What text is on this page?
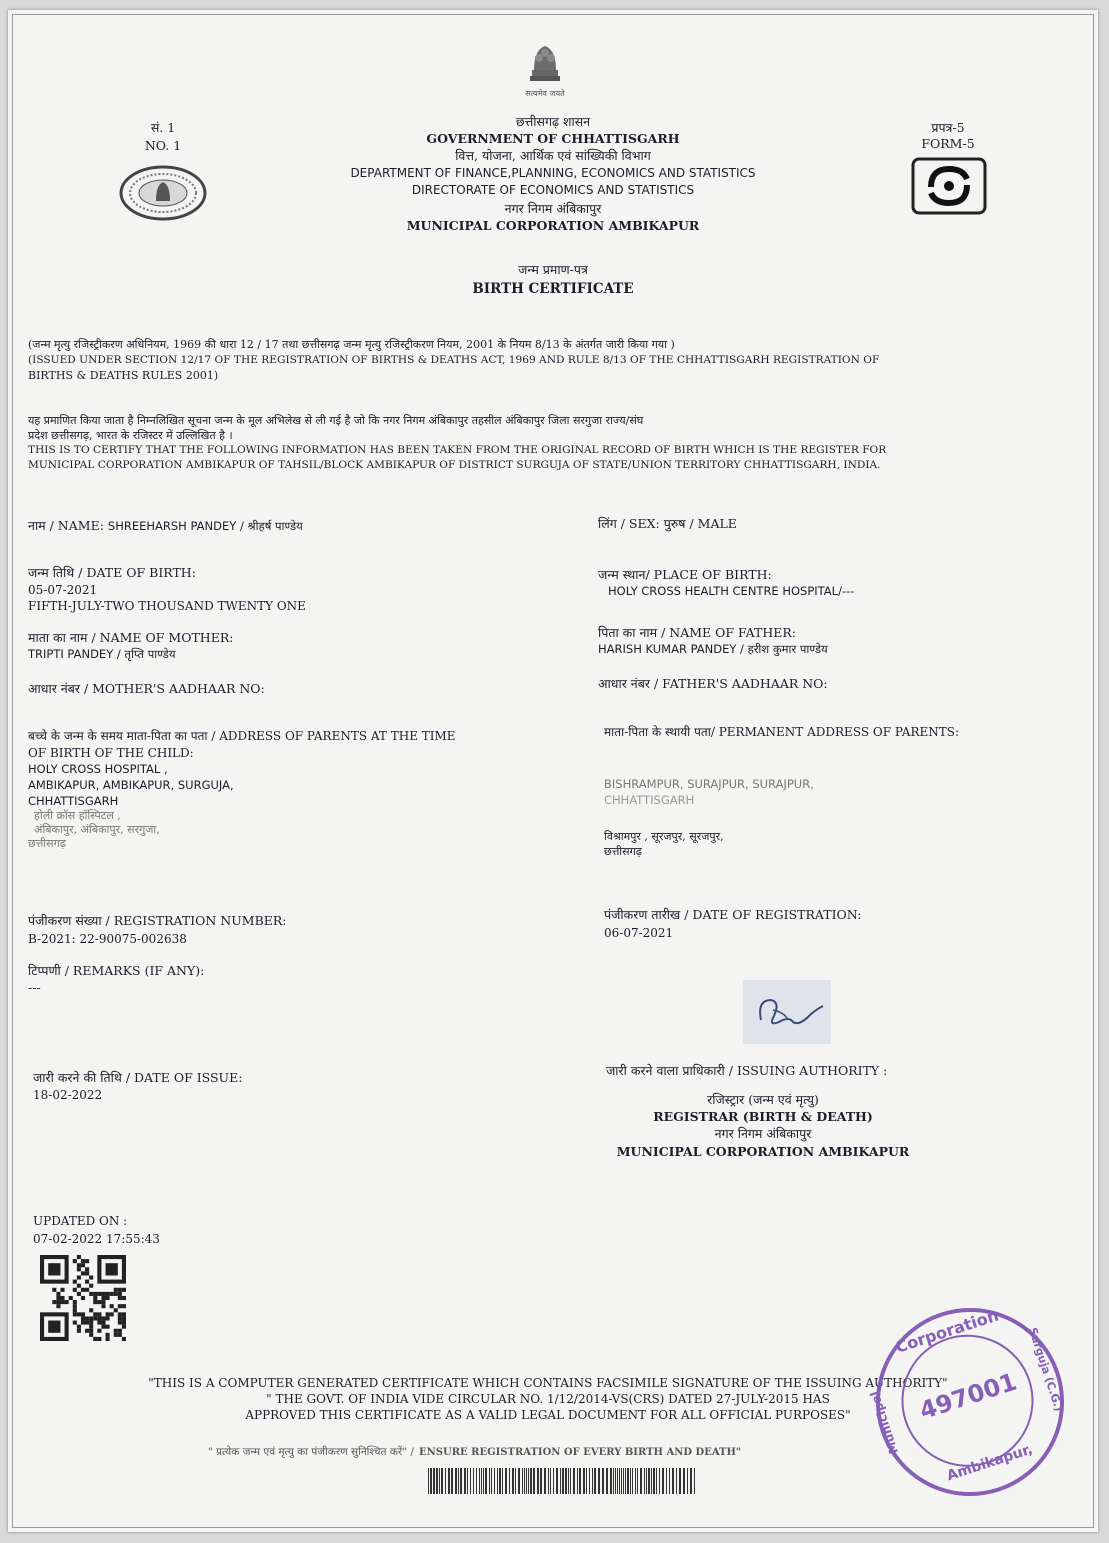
सत्यमेव जयते
सं. 1
NO. 1
प्रपत्र-5
FORM-5
छत्तीसगढ़ शासन
GOVERNMENT OF CHHATTISGARH
वित्त, योजना, आर्थिक एवं सांख्यिकी विभाग
DEPARTMENT OF FINANCE,PLANNING, ECONOMICS AND STATISTICS
DIRECTORATE OF ECONOMICS AND STATISTICS
नगर निगम अंबिकापुर
MUNICIPAL CORPORATION AMBIKAPUR
जन्म प्रमाण-पत्र
BIRTH CERTIFICATE
(जन्म मृत्यु रजिस्ट्रीकरण अधिनियम, 1969 की धारा 12 / 17 तथा छत्तीसगढ़ जन्म मृत्यु रजिस्ट्रीकरण नियम, 2001 के नियम 8/13 के अंतर्गत जारी किया गया )
(ISSUED UNDER SECTION 12/17 OF THE REGISTRATION OF BIRTHS & DEATHS ACT, 1969 AND RULE 8/13 OF THE CHHATTISGARH REGISTRATION OF
BIRTHS & DEATHS RULES 2001)
यह प्रमाणित किया जाता है निम्नलिखित सूचना जन्म के मूल अभिलेख से ली गई है जो कि नगर निगम अंबिकापुर तहसील अंबिकापुर जिला सरगुजा राज्य/संघ
प्रदेश छत्तीसगढ़, भारत के रजिस्टर में उल्लिखित है ।
THIS IS TO CERTIFY THAT THE FOLLOWING INFORMATION HAS BEEN TAKEN FROM THE ORIGINAL RECORD OF BIRTH WHICH IS THE REGISTER FOR
MUNICIPAL CORPORATION AMBIKAPUR OF TAHSIL/BLOCK AMBIKAPUR OF DISTRICT SURGUJA OF STATE/UNION TERRITORY CHHATTISGARH, INDIA.
नाम / NAME: SHREEHARSH PANDEY / श्रीहर्ष पाण्डेय	लिंग / SEX: पुरुष / MALE
जन्म तिथि / DATE OF BIRTH:
05-07-2021
FIFTH-JULY-TWO THOUSAND TWENTY ONE
जन्म स्थान/ PLACE OF BIRTH:
HOLY CROSS HEALTH CENTRE HOSPITAL/---
माता का नाम / NAME OF MOTHER:
TRIPTI PANDEY / तृप्ति पाण्डेय
पिता का नाम / NAME OF FATHER:
HARISH KUMAR PANDEY / हरीश कुमार पाण्डेय
आधार नंबर / MOTHER'S AADHAAR NO:	आधार नंबर / FATHER'S AADHAAR NO:
बच्चे के जन्म के समय माता-पिता का पता / ADDRESS OF PARENTS AT THE TIME
OF BIRTH OF THE CHILD:
HOLY CROSS HOSPITAL ,
AMBIKAPUR, AMBIKAPUR, SURGUJA,
CHHATTISGARH
होली क्रॉस हॉस्पिटल ,
अंबिकापुर, अंबिकापुर, सरगुजा,
छत्तीसगढ़
माता-पिता के स्थायी पता/ PERMANENT ADDRESS OF PARENTS:
BISHRAMPUR, SURAJPUR, SURAJPUR,
CHHATTISGARH
विश्रामपुर , सूरजपुर, सूरजपुर,
छत्तीसगढ़
पंजीकरण संख्या / REGISTRATION NUMBER:
B-2021: 22-90075-002638
पंजीकरण तारीख / DATE OF REGISTRATION:
06-07-2021
टिप्पणी / REMARKS (IF ANY):
---
जारी करने की तिथि / DATE OF ISSUE:
18-02-2022
जारी करने वाला प्राधिकारी / ISSUING AUTHORITY :
रजिस्ट्रार (जन्म एवं मृत्यु)
REGISTRAR (BIRTH & DEATH)
नगर निगम अंबिकापुर
MUNICIPAL CORPORATION AMBIKAPUR
UPDATED ON :
07-02-2022 17:55:43
"THIS IS A COMPUTER GENERATED CERTIFICATE WHICH CONTAINS FACSIMILE SIGNATURE OF THE ISSUING AUTHORITY"
" THE GOVT. OF INDIA VIDE CIRCULAR NO. 1/12/2014-VS(CRS) DATED 27-JULY-2015 HAS
APPROVED THIS CERTIFICATE AS A VALID LEGAL DOCUMENT FOR ALL OFFICIAL PURPOSES"
" प्रत्येक जन्म एवं मृत्यु का पंजीकरण सुनिश्चित करें" / ENSURE REGISTRATION OF EVERY BIRTH AND DEATH"
Corporation
Municipal
Surguja (C.G.)
497001
Ambikapur,
